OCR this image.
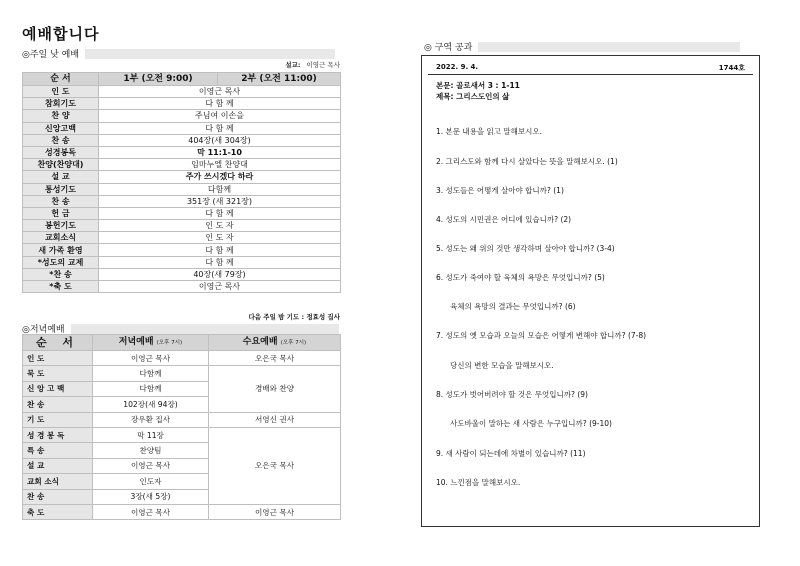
예배합니다
◎주일 낮 예배
설교: 이영근 목사
순 서	1부 (오전 9:00)	2부 (오전 11:00)
인 도	이영근 목사	
참회기도	다 함 께	
찬 양	주님여 이손을	
신앙고백	다 함 께	
찬 송	404장(새 304장)	
성경봉독	막 11:1-10	
찬양(찬양대)	임마누엘 찬양대	
설 교	주가 쓰시겠다 하라	
통성기도	다함께	
찬 송	351장 (새 321장)	
헌 금	다 함 께	
봉헌기도	인 도 자	
교회소식	인 도 자	
새 가족 환영	다 함 께	
*성도의 교제	다 함 께	
*찬 송	40장(새 79장)	
*축 도	이영근 목사	
다음 주일 밤 기도 : 정효성 집사
◎저녁예배
순 서	저녁예배 (오후 7시)	수요예배 (오후 7시)
인 도	이영근 목사	오은국 목사
묵 도	다함께	경배와 찬양
신 앙 고 백	다함께	
찬 송	102장(새 94장)	
기 도	장우환 집사	서영신 권사
성 경 봉 독	막 11장	오은국 목사
특 송	찬양팀	
설 교	이영근 목사	
교회 소식	인도자	
찬 송	3장(새 5장)	
축 도	이영근 목사	이영근 목사
◎ 구역 공과
2022. 9. 4.	1744호
본문: 골로새서 3 : 1-11
제목: 그리스도인의 삶
1. 본문 내용을 읽고 말해보시오.
2. 그리스도와 함께 다시 살았다는 뜻을 말해보시오. (1)
3. 성도들은 어떻게 살아야 합니까? (1)
4. 성도의 시민권은 어디에 있습니까? (2)
5. 성도는 왜 위의 것만 생각하며 살아야 합니까? (3-4)
6. 성도가 죽여야 할 육체의 욕망은 무엇입니까? (5)
육체의 욕망의 결과는 무엇입니까? (6)
7. 성도의 옛 모습과 오늘의 모습은 어떻게 변해야 합니까? (7-8)
당신의 변한 모습을 말해보시오.
8. 성도가 벗어버려야 할 것은 무엇입니까? (9)
사도바울이 말하는 새 사람은 누구입니까? (9-10)
9. 새 사람이 되는데에 차별이 있습니까? (11)
10. 느낀점을 말해보시오.
